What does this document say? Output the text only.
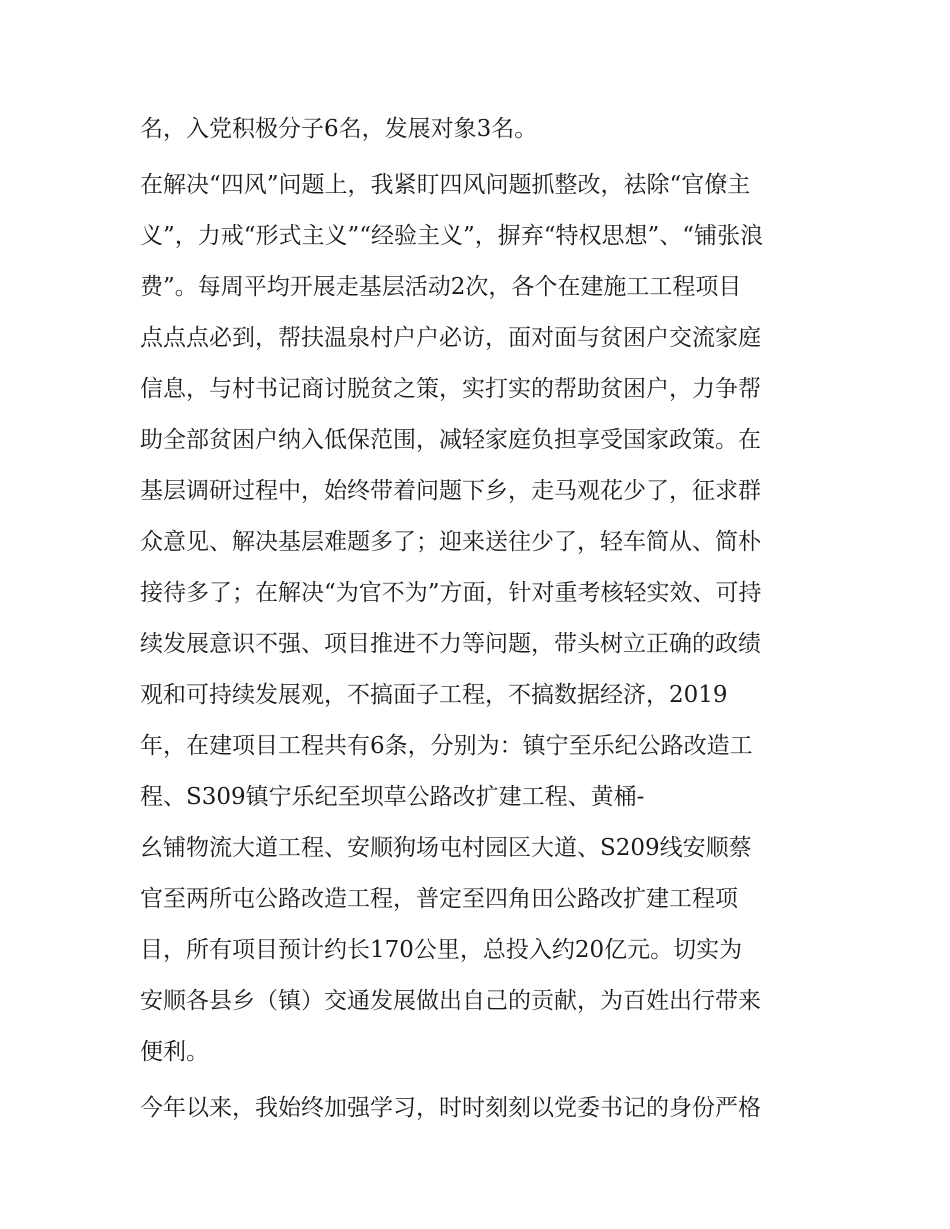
名，入党积极分子6名，发展对象3名。

在解决“四风”问题上，我紧盯四风问题抓整改，祛除“官僚主

义”，力戒“形式主义”“经验主义”，摒弃“特权思想”、“铺张浪

费”。每周平均开展走基层活动2次，各个在建施工工程项目

点点点必到，帮扶温泉村户户必访，面对面与贫困户交流家庭

信息，与村书记商讨脱贫之策，实打实的帮助贫困户，力争帮

助全部贫困户纳入低保范围，减轻家庭负担享受国家政策。在

基层调研过程中，始终带着问题下乡，走马观花少了，征求群

众意见、解决基层难题多了；迎来送往少了，轻车简从、简朴

接待多了；在解决“为官不为”方面，针对重考核轻实效、可持

续发展意识不强、项目推进不力等问题，带头树立正确的政绩

观和可持续发展观，不搞面子工程，不搞数据经济，2019

年，在建项目工程共有6条，分别为：镇宁至乐纪公路改造工

程、S309镇宁乐纪至坝草公路改扩建工程、黄桶-

幺铺物流大道工程、安顺狗场屯村园区大道、S209线安顺蔡

官至两所屯公路改造工程，普定至四角田公路改扩建工程项

目，所有项目预计约长170公里，总投入约20亿元。切实为

安顺各县乡（镇）交通发展做出自己的贡献，为百姓出行带来

便利。

今年以来，我始终加强学习，时时刻刻以党委书记的身份严格
